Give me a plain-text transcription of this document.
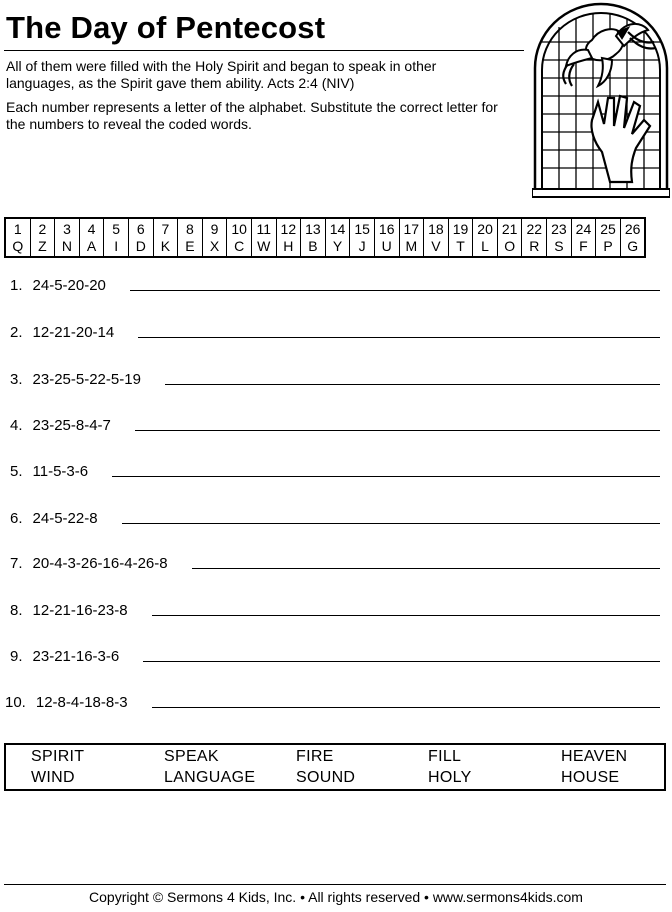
The Day of Pentecost
All of them were filled with the Holy Spirit and began to speak in other languages, as the Spirit gave them ability. Acts 2:4 (NIV)
Each number represents a letter of the alphabet. Substitute the correct letter for the numbers to reveal the coded words.
1	2	3	4	5	6	7	8	9	10	11	12	13	14	15	16	17	18	19	20	21	22	23	24	25	26
Q	Z	N	A	I	D	K	E	X	C	W	H	B	Y	J	U	M	V	T	L	O	R	S	F	P	G
1. 24-5-20-20
2. 12-21-20-14
3. 23-25-5-22-5-19
4. 23-25-8-4-7
5. 11-5-3-6
6. 24-5-22-8
7. 20-4-3-26-16-4-26-8
8. 12-21-16-23-8
9. 23-21-16-3-6
10. 12-8-4-18-8-3
SPIRIT	SPEAK	FIRE	FILL	HEAVEN
WIND	LANGUAGE	SOUND	HOLY	HOUSE
Copyright © Sermons 4 Kids, Inc. • All rights reserved • www.sermons4kids.com
